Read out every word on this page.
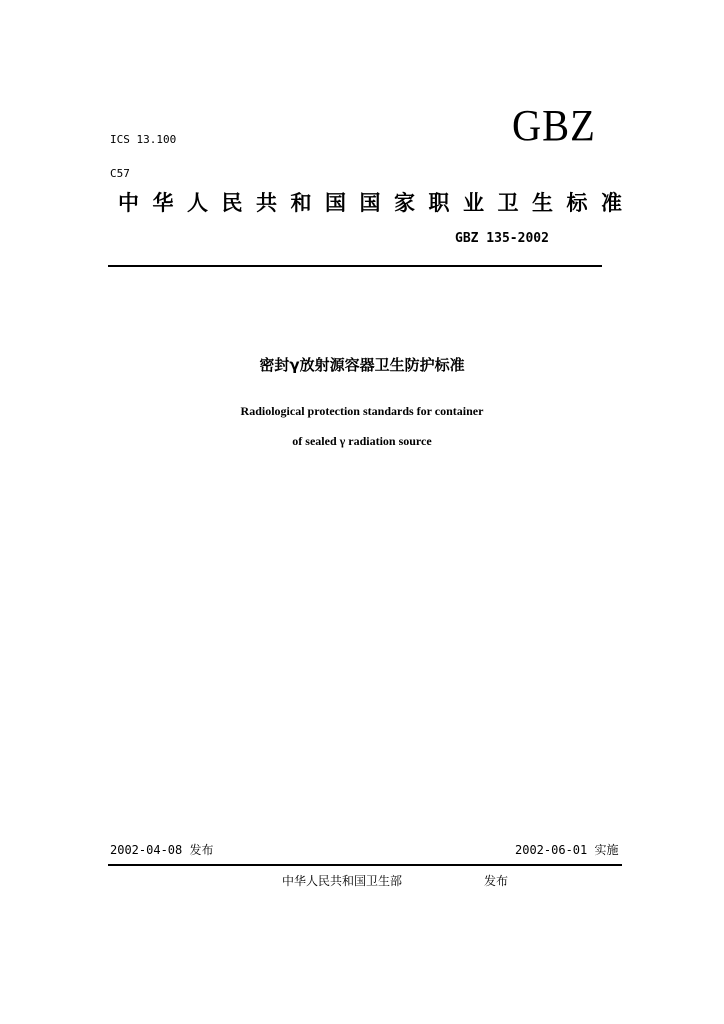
ICS 13.100
C57
GBZ
中华人民共和国国家职业卫生标准
GBZ 135-2002
密封γ放射源容器卫生防护标准
Radiological protection standards for container
of sealed γ radiation source
2002-04-08 发布	2002-06-01 实施
中华人民共和国卫生部	发布
